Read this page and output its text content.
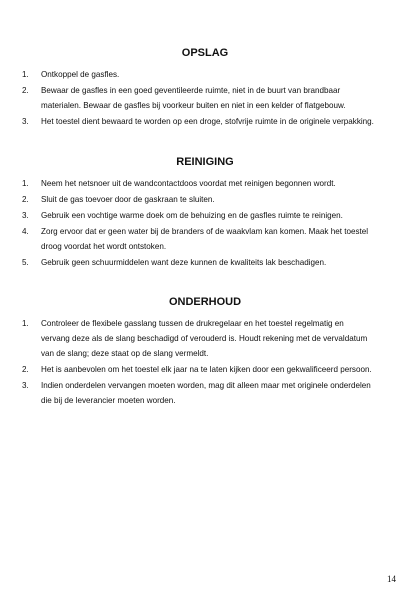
OPSLAG
1. Ontkoppel de gasfles.
2. Bewaar de gasfles in een goed geventileerde ruimte, niet in de buurt van brandbaar materialen. Bewaar de gasfles bij voorkeur buiten en niet in een kelder of flatgebouw.
3. Het toestel dient bewaard te worden op een droge, stofvrije ruimte in de originele verpakking.
REINIGING
1. Neem het netsnoer uit de wandcontactdoos voordat met reinigen begonnen wordt.
2. Sluit de gas toevoer door de gaskraan te sluiten.
3. Gebruik een vochtige warme doek om de behuizing en de gasfles ruimte te reinigen.
4. Zorg ervoor dat er geen water bij de branders of de waakvlam kan komen. Maak het toestel droog voordat het wordt ontstoken.
5. Gebruik geen schuurmiddelen want deze kunnen de kwaliteits lak beschadigen.
ONDERHOUD
1. Controleer de flexibele gasslang tussen de drukregelaar en het toestel regelmatig en vervang deze als de slang beschadigd of verouderd is. Houdt rekening met de vervaldatum van de slang; deze staat op de slang vermeldt.
2. Het is aanbevolen om het toestel elk jaar na te laten kijken door een gekwalificeerd persoon.
3. Indien onderdelen vervangen moeten worden, mag dit alleen maar met originele onderdelen die bij de leverancier moeten worden.
14
